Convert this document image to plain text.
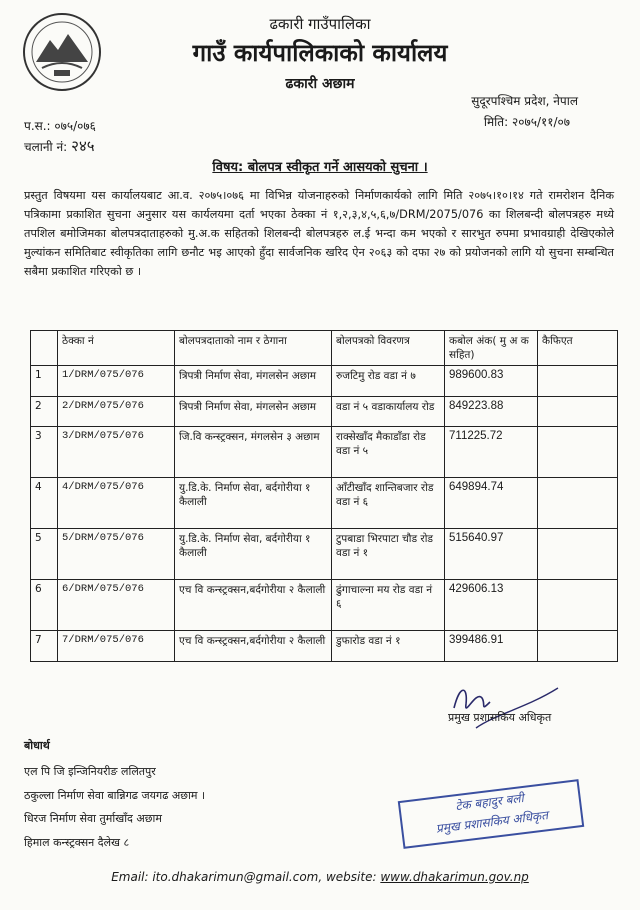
ढकारी गाउँपालिका
गाउँ कार्यपालिकाको कार्यालय
ढकारी अछाम
सुदूरपश्चिम प्रदेश, नेपाल
प.स.: ०७५/०७६
चलानी नं: २४५
मिति: २०७५/११/०७
विषय: बोलपत्र स्वीकृत गर्ने आसयको सुचना ।
प्रस्तुत विषयमा यस कार्यालयबाट आ.व. २०७५।०७६ मा विभिन्न योजनाहरुको निर्माणकार्यको लागि मिति २०७५।१०।१४ गते रामरोशन दैनिक पत्रिकामा प्रकाशित सुचना अनुसार यस कार्यलयमा दर्ता भएका ठेक्का नं १,२,३,४,५,६,७/DRM/2075/076 का शिलबन्दी बोलपत्रहरु मध्ये तपशिल बमोजिमका बोलपत्रदाताहरुको मु.अ.क सहितको शिलबन्दी बोलपत्रहरु ल.ई भन्दा कम भएको र सारभुत रुपमा प्रभावग्राही देखिएकोले मुल्यांकन समितिबाट स्वीकृतिका लागि छनौट भइ आएको हुँदा सार्वजनिक खरिद ऐन २०६३ को दफा २७ को प्रयोजनको लागि यो सुचना सम्बन्धित सबैमा प्रकाशित गरिएको छ ।
	ठेक्का नं	बोलपत्रदाताको नाम र ठेगाना	बोलपत्रको विवरणत्र	कबोल अंक( मु अ क सहित)	कैफिएत
1	1/DRM/075/076	त्रिपत्री निर्माण सेवा, मंगलसेन अछाम	रुजटिमु रोड वडा नं ७	989600.83	
2	2/DRM/075/076	त्रिपत्री निर्माण सेवा, मंगलसेन अछाम	वडा नं ५ वडाकार्यालय रोड	849223.88	
3	3/DRM/075/076	जि.वि कन्स्ट्रक्सन, मंगलसेन ३ अछाम	राक्सेखाँद मैकाडाँडा रोड वडा नं ५	711225.72	
4	4/DRM/075/076	यु.डि.के. निर्माण सेवा, बर्दगोरीया १ कैलाली	आँटीखाँद शान्तिबजार रोड वडा नं ६	649894.74	
5	5/DRM/075/076	यु.डि.के. निर्माण सेवा, बर्दगोरीया १ कैलाली	टुपबाडा भिरपाटा चौड रोड वडा नं १	515640.97	
6	6/DRM/075/076	एच वि कन्स्ट्रक्सन,बर्दगोरीया २ कैलाली	ढुंगाचाल्ना मय रोड वडा नं ६	429606.13	
7	7/DRM/075/076	एच वि कन्स्ट्रक्सन,बर्दगोरीया २ कैलाली	डुफारोड वडा नं १	399486.91	
प्रमुख प्रशासकिय अधिकृत
बोधार्थ
एल पि जि इन्जिनियरीङ ललितपुर
ठकुल्ला निर्माण सेवा बान्निगढ जयगढ अछाम ।
धिरज निर्माण सेवा तुर्माखाँद अछाम
हिमाल कन्स्ट्रक्सन दैलेख ८
टेक बहादुर बली
प्रमुख प्रशासकिय अधिकृत
Email: ito.dhakarimun@gmail.com, website: www.dhakarimun.gov.np
